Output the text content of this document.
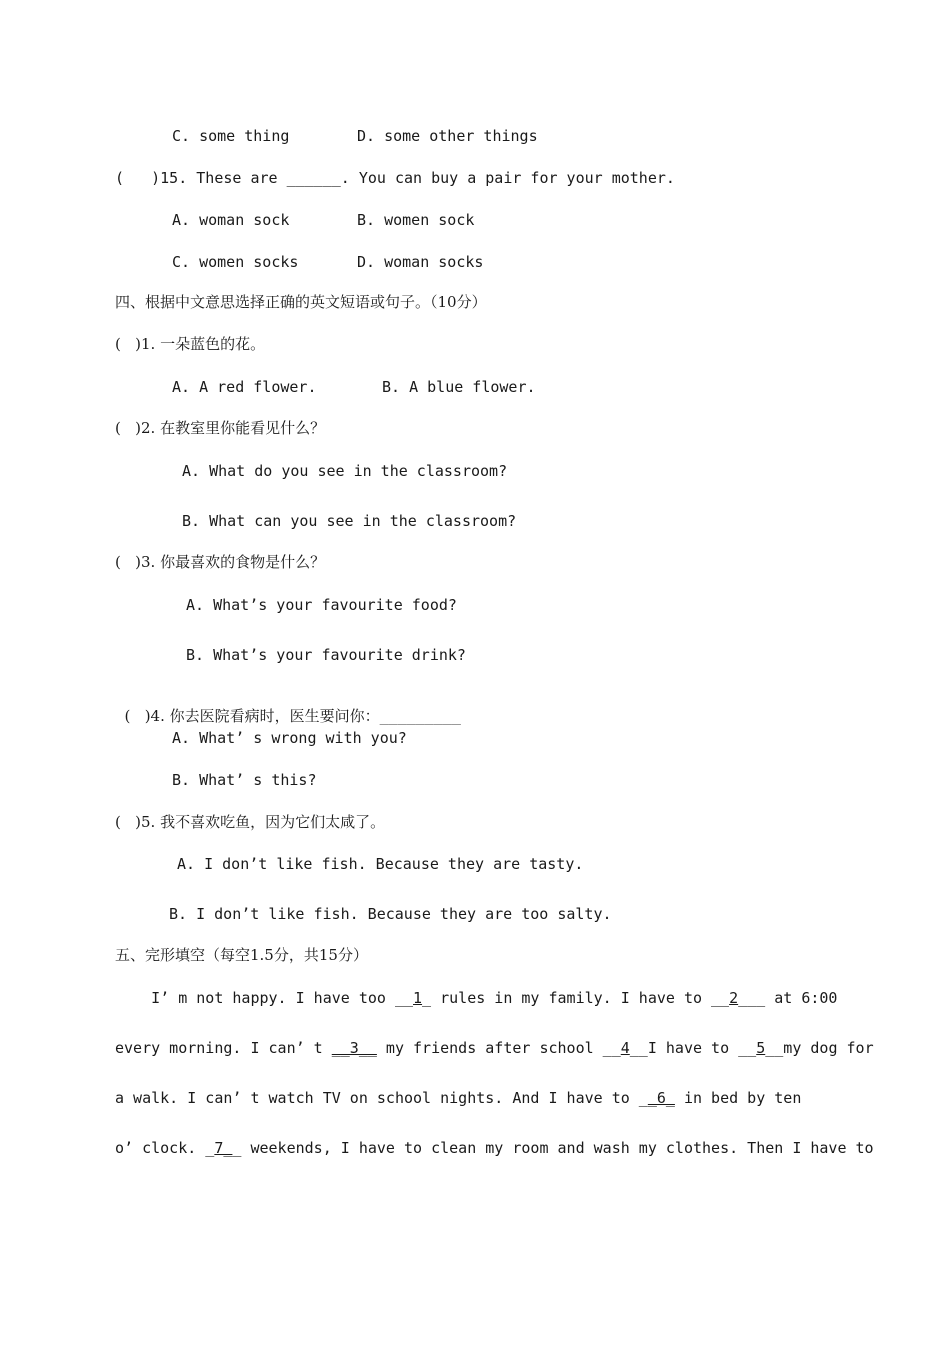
C. some thing	D. some other things
(   )15. These are ______. You can buy a pair for your mother.
A. woman sock	B. women sock
C. women socks	D. woman socks
四、根据中文意思选择正确的英文短语或句子。（10分）
(   )1. 一朵蓝色的花。
A. A red flower.	B. A blue flower.
(   )2. 在教室里你能看见什么？
A. What do you see in the classroom?
B. What can you see in the classroom?
(   )3. 你最喜欢的食物是什么？
A. What’s your favourite food?
B. What’s your favourite drink?

(   )4. 你去医院看病时，医生要问你：_________

A. What’ s wrong with you?
B. What’ s this?
(   )5. 我不喜欢吃鱼，因为它们太咸了。
A. I don’t like fish. Because they are tasty.
B. I don’t like fish. Because they are too salty.
五、完形填空（每空1.5分，共15分）
I’ m not happy. I have too __1_ rules in my family. I have to __2___ at 6:00
every morning. I can’ t __3__ my friends after school __4__I have to __5__my dog for
a walk. I can’ t watch TV on school nights. And I have to __6_ in bed by ten
o’ clock. _7__ weekends, I have to clean my room and wash my clothes. Then I have to
